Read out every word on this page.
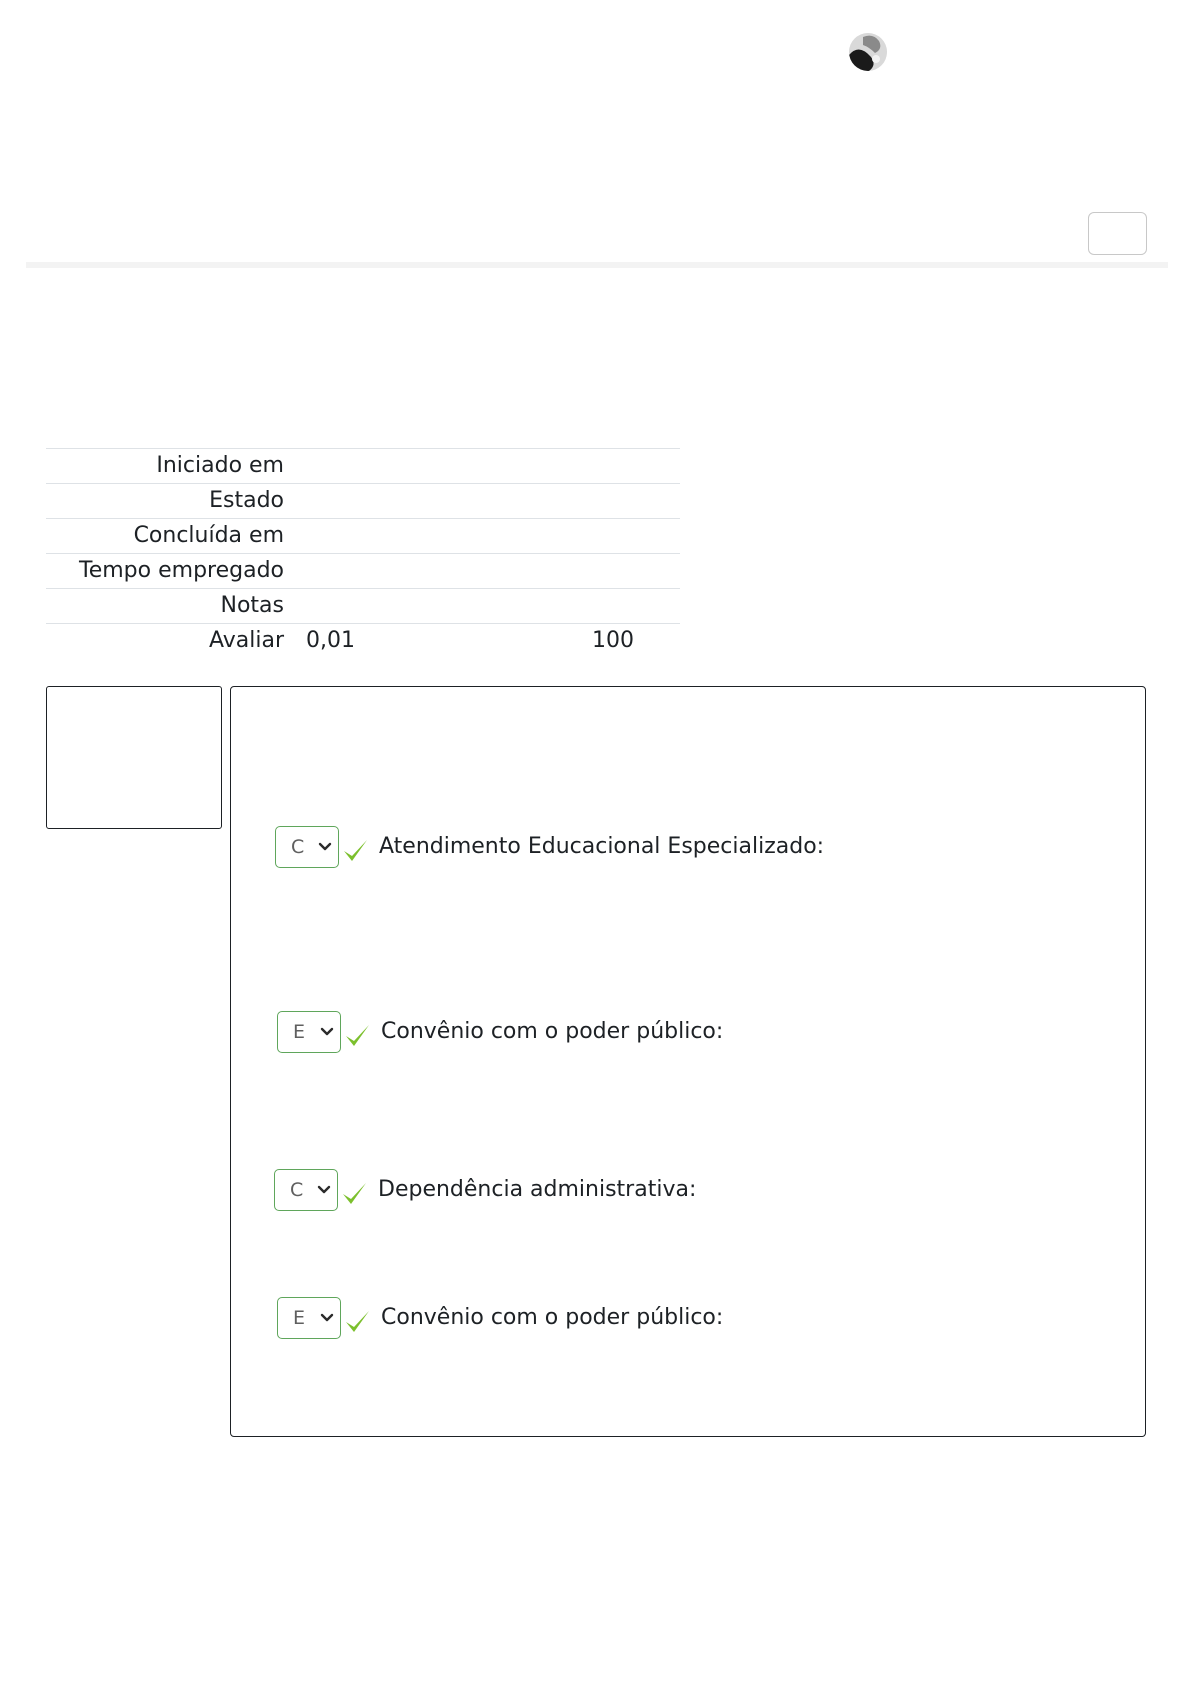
Iniciado em
Estado
Concluída em
Tempo empregado
Notas
Avaliar 0,01	100
C	Atendimento Educacional Especializado:
E	Convênio com o poder público:
C	Dependência administrativa:
E	Convênio com o poder público:
